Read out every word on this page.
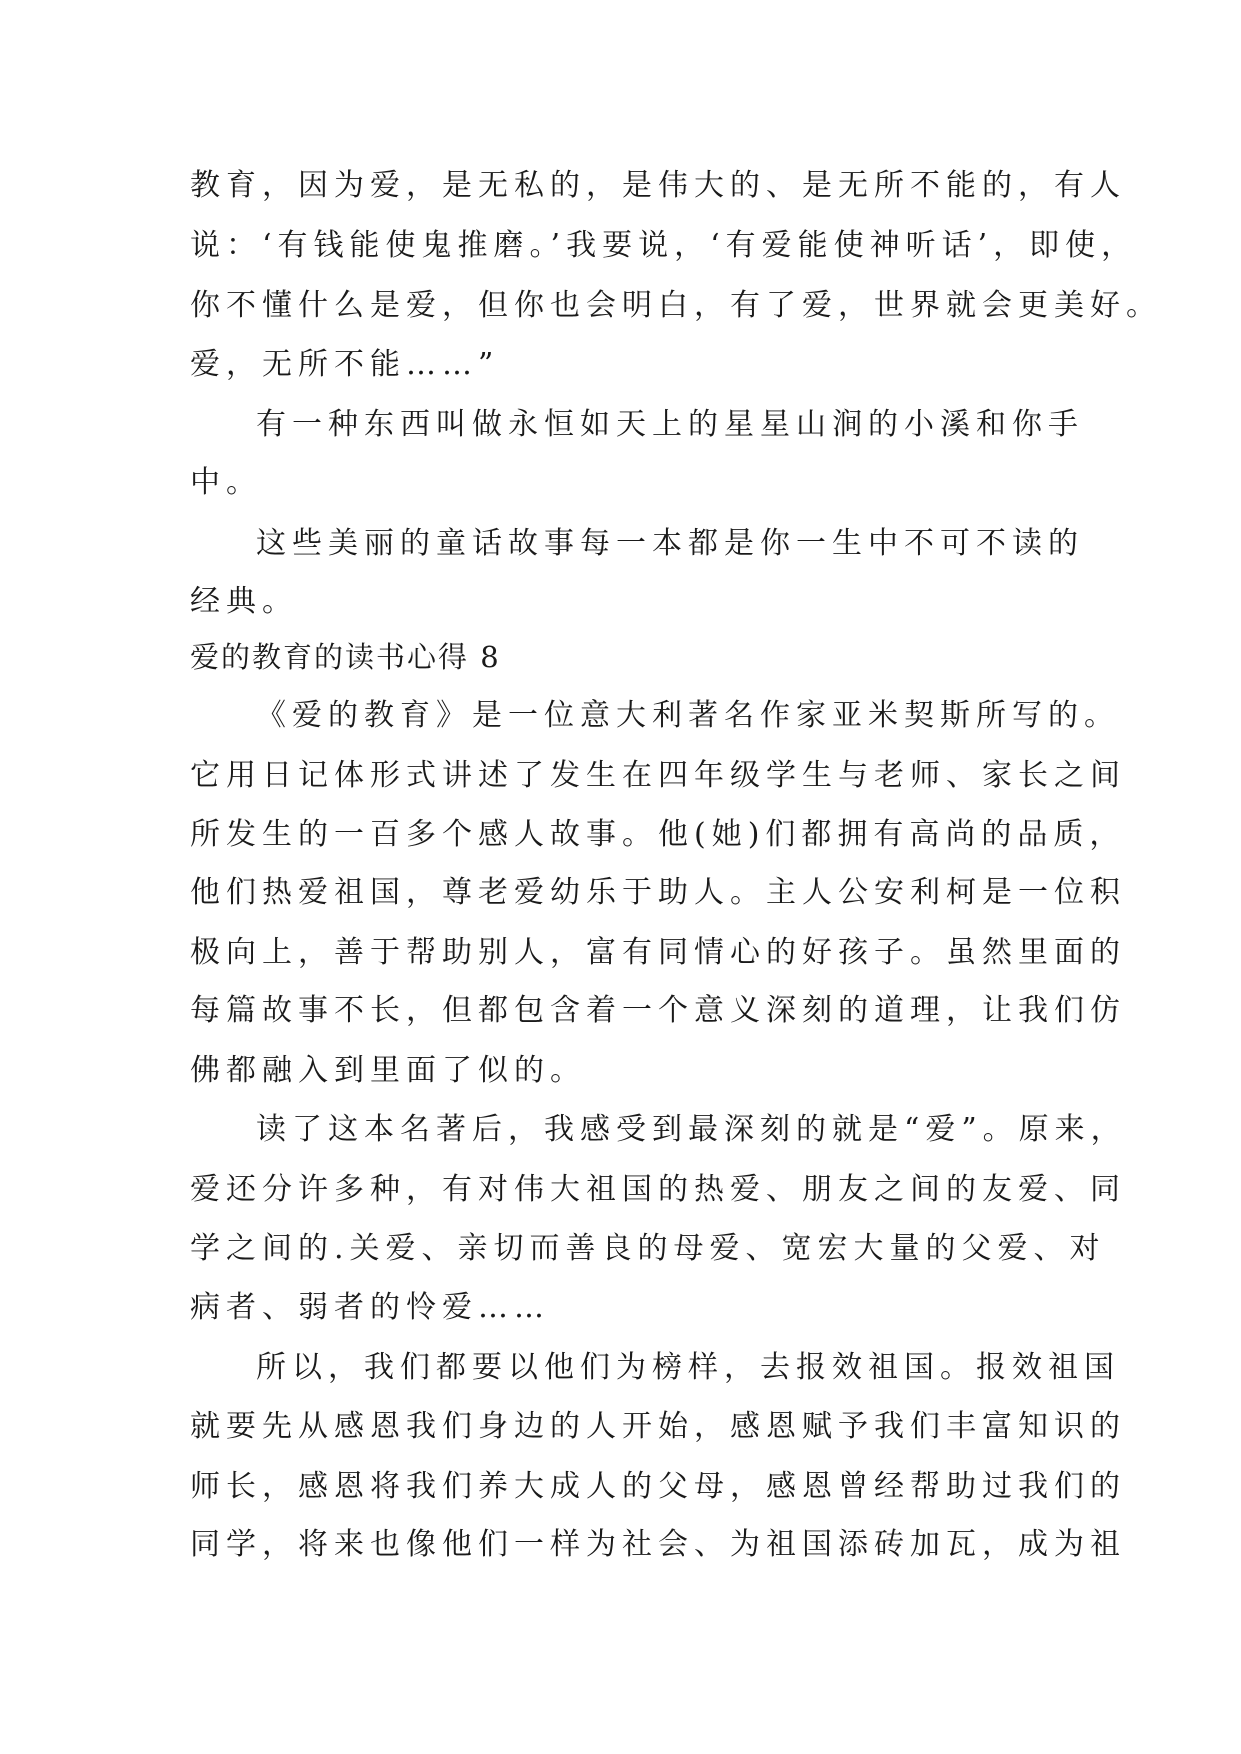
教育，因为爱，是无私的，是伟大的、是无所不能的，有人
说：‘有钱能使鬼推磨。’我要说，‘有爱能使神听话’，即使，
你不懂什么是爱，但你也会明白，有了爱，世界就会更美好。
爱，无所不能……”
有一种东西叫做永恒如天上的星星山涧的小溪和你手
中。
这些美丽的童话故事每一本都是你一生中不可不读的
经典。
爱的教育的读书心得 8
《爱的教育》是一位意大利著名作家亚米契斯所写的。
它用日记体形式讲述了发生在四年级学生与老师、家长之间
所发生的一百多个感人故事。他(她)们都拥有高尚的品质，
他们热爱祖国，尊老爱幼乐于助人。主人公安利柯是一位积
极向上，善于帮助别人，富有同情心的好孩子。虽然里面的
每篇故事不长，但都包含着一个意义深刻的道理，让我们仿
佛都融入到里面了似的。
读了这本名著后，我感受到最深刻的就是“爱”。原来，
爱还分许多种，有对伟大祖国的热爱、朋友之间的友爱、同
学之间的.关爱、亲切而善良的母爱、宽宏大量的父爱、对
病者、弱者的怜爱……
所以，我们都要以他们为榜样，去报效祖国。报效祖国
就要先从感恩我们身边的人开始，感恩赋予我们丰富知识的
师长，感恩将我们养大成人的父母，感恩曾经帮助过我们的
同学，将来也像他们一样为社会、为祖国添砖加瓦，成为祖
